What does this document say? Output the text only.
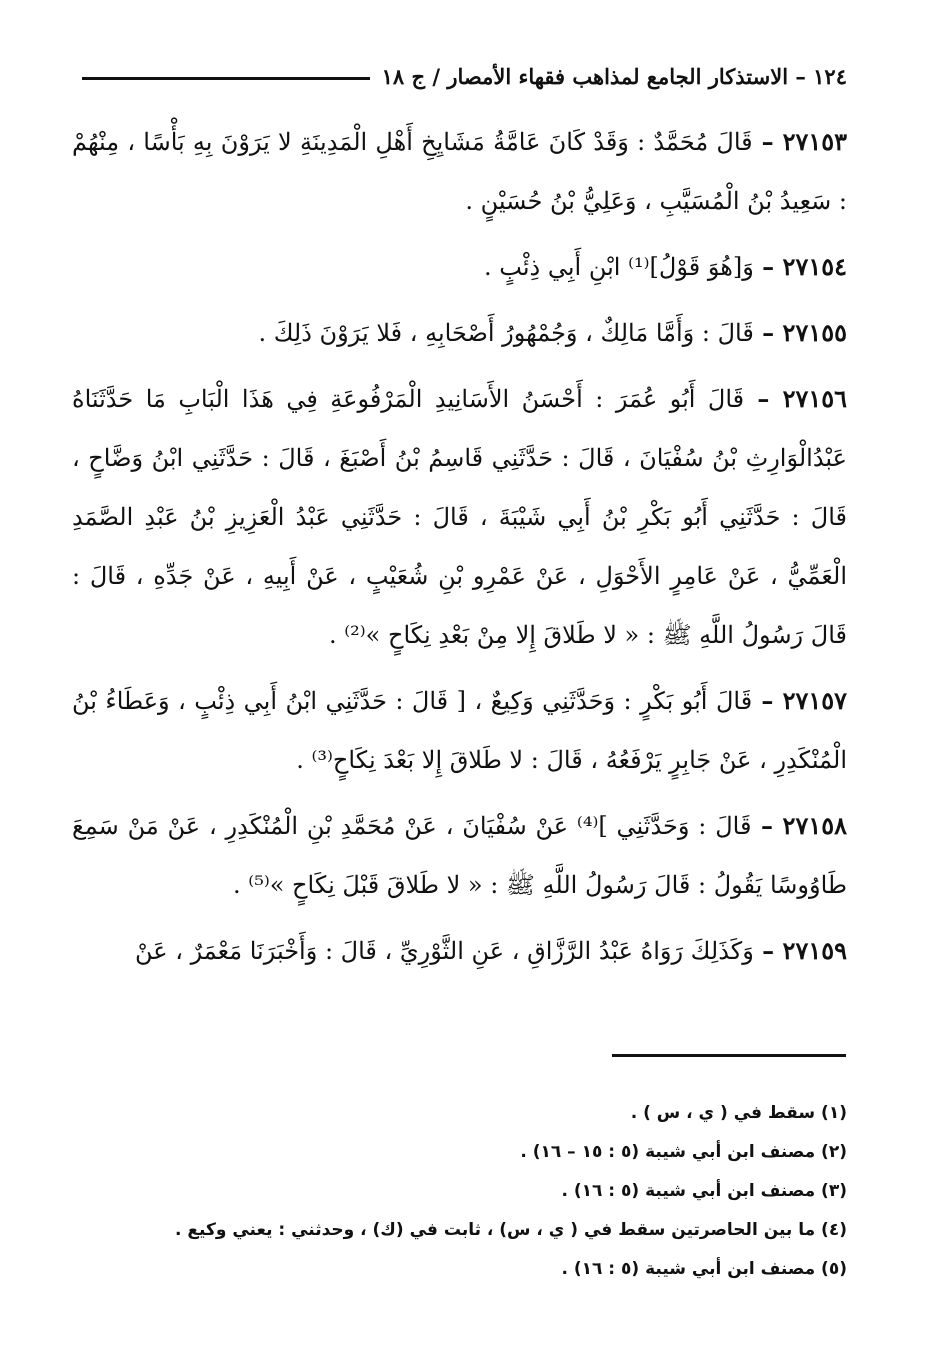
١٢٤ – الاستذكار الجامع لمذاهب فقهاء الأمصار / ج ١٨

٢٧١٥٣ – قَالَ مُحَمَّدٌ : وَقَدْ كَانَ عَامَّةُ مَشَايِخِ أَهْلِ الْمَدِينَةِ لا يَرَوْنَ بِهِ بَأْسًا ، مِنْهُمْ : سَعِيدُ بْنُ الْمُسَيَّبِ ، وَعَلِيُّ بْنُ حُسَيْنٍ .

٢٧١٥٤ – وَ[هُوَ قَوْلُ]⁽¹⁾ ابْنِ أَبِي ذِئْبٍ .

٢٧١٥٥ – قَالَ : وَأَمَّا مَالِكٌ ، وَجُمْهُورُ أَصْحَابِهِ ، فَلا يَرَوْنَ ذَلِكَ .

٢٧١٥٦ – قَالَ أَبُو عُمَرَ : أَحْسَنُ الأَسَانِيدِ الْمَرْفُوعَةِ فِي هَذَا الْبَابِ مَا حَدَّثَنَاهُ عَبْدُالْوَارِثِ بْنُ سُفْيَانَ ، قَالَ : حَدَّثَنِي قَاسِمُ بْنُ أَصْبَغَ ، قَالَ : حَدَّثَنِي ابْنُ وَضَّاحٍ ، قَالَ : حَدَّثَنِي أَبُو بَكْرِ بْنُ أَبِي شَيْبَةَ ، قَالَ : حَدَّثَنِي عَبْدُ الْعَزِيزِ بْنُ عَبْدِ الصَّمَدِ الْعَمِّيُّ ، عَنْ عَامِرٍ الأَحْوَلِ ، عَنْ عَمْرِو بْنِ شُعَيْبٍ ، عَنْ أَبِيهِ ، عَنْ جَدِّهِ ، قَالَ : قَالَ رَسُولُ اللَّهِ ﷺ : « لا طَلاقَ إِلا مِنْ بَعْدِ نِكَاحٍ »⁽²⁾ .

٢٧١٥٧ – قَالَ أَبُو بَكْرٍ : وَحَدَّثَنِي وَكِيعٌ ، [ قَالَ : حَدَّثَنِي ابْنُ أَبِي ذِئْبٍ ، وَعَطَاءُ بْنُ الْمُنْكَدِرِ ، عَنْ جَابِرٍ يَرْفَعُهُ ، قَالَ : لا طَلاقَ إِلا بَعْدَ نِكَاحٍ⁽³⁾ .

٢٧١٥٨ – قَالَ : وَحَدَّثَنِي ]⁽⁴⁾ عَنْ سُفْيَانَ ، عَنْ مُحَمَّدِ بْنِ الْمُنْكَدِرِ ، عَنْ مَنْ سَمِعَ طَاوُوسًا يَقُولُ : قَالَ رَسُولُ اللَّهِ ﷺ : « لا طَلاقَ قَبْلَ نِكَاحٍ »⁽⁵⁾ .

٢٧١٥٩ – وَكَذَلِكَ رَوَاهُ عَبْدُ الرَّزَّاقِ ، عَنِ الثَّوْرِيِّ ، قَالَ : وَأَخْبَرَنَا مَعْمَرٌ ، عَنْ

(١) سقط في ( ي ، س ) .

(٢) مصنف ابن أبي شيبة (٥ : ١٥ – ١٦) .

(٣) مصنف ابن أبي شيبة (٥ : ١٦) .

(٤) ما بين الحاصرتين سقط في ( ي ، س) ، ثابت في (ك) ، وحدثني : يعني وكيع .

(٥) مصنف ابن أبي شيبة (٥ : ١٦) .
